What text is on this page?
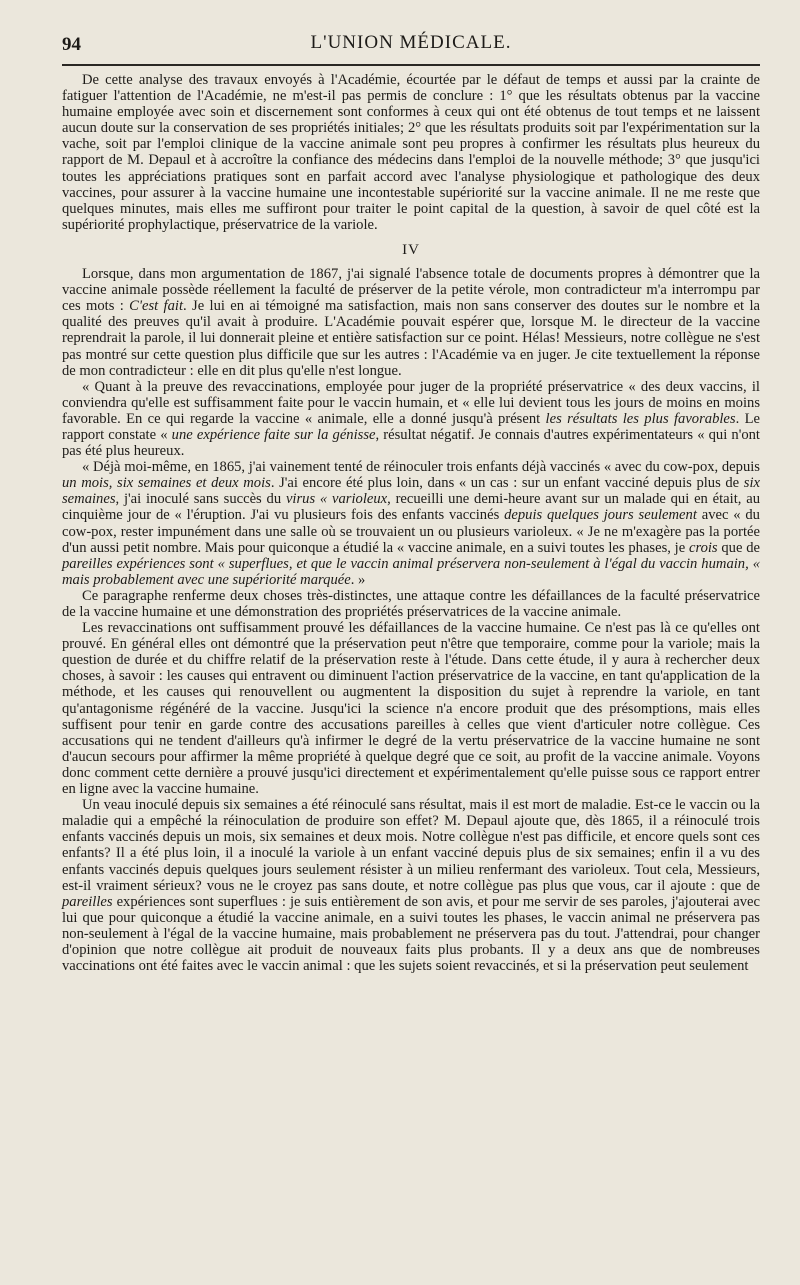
94	L'UNION MÉDICALE.

De cette analyse des travaux envoyés à l'Académie, écourtée par le défaut de temps et aussi par la crainte de fatiguer l'attention de l'Académie, ne m'est-il pas permis de conclure : 1° que les résultats obtenus par la vaccine humaine employée avec soin et discernement sont conformes à ceux qui ont été obtenus de tout temps et ne laissent aucun doute sur la conservation de ses propriétés initiales; 2° que les résultats produits soit par l'expérimentation sur la vache, soit par l'emploi clinique de la vaccine animale sont peu propres à confirmer les résultats plus heureux du rapport de M. Depaul et à accroître la confiance des médecins dans l'emploi de la nouvelle méthode; 3° que jusqu'ici toutes les appréciations pratiques sont en parfait accord avec l'analyse physiologique et pathologique des deux vaccines, pour assurer à la vaccine humaine une incontestable supériorité sur la vaccine animale. Il ne me reste que quelques minutes, mais elles me suffiront pour traiter le point capital de la question, à savoir de quel côté est la supériorité prophylactique, préservatrice de la variole.

IV

Lorsque, dans mon argumentation de 1867, j'ai signalé l'absence totale de documents propres à démontrer que la vaccine animale possède réellement la faculté de préserver de la petite vérole, mon contradicteur m'a interrompu par ces mots : C'est fait. Je lui en ai témoigné ma satisfaction, mais non sans conserver des doutes sur le nombre et la qualité des preuves qu'il avait à produire. L'Académie pouvait espérer que, lorsque M. le directeur de la vaccine reprendrait la parole, il lui donnerait pleine et entière satisfaction sur ce point. Hélas! Messieurs, notre collègue ne s'est pas montré sur cette question plus difficile que sur les autres : l'Académie va en juger. Je cite textuellement la réponse de mon contradicteur : elle en dit plus qu'elle n'est longue.

« Quant à la preuve des revaccinations, employée pour juger de la propriété préservatrice « des deux vaccins, il conviendra qu'elle est suffisamment faite pour le vaccin humain, et « elle lui devient tous les jours de moins en moins favorable. En ce qui regarde la vaccine « animale, elle a donné jusqu'à présent les résultats les plus favorables. Le rapport constate « une expérience faite sur la génisse, résultat négatif. Je connais d'autres expérimentateurs « qui n'ont pas été plus heureux.

« Déjà moi-même, en 1865, j'ai vainement tenté de réinoculer trois enfants déjà vaccinés « avec du cow-pox, depuis un mois, six semaines et deux mois. J'ai encore été plus loin, dans « un cas : sur un enfant vacciné depuis plus de six semaines, j'ai inoculé sans succès du virus « varioleux, recueilli une demi-heure avant sur un malade qui en était, au cinquième jour de « l'éruption. J'ai vu plusieurs fois des enfants vaccinés depuis quelques jours seulement avec « du cow-pox, rester impunément dans une salle où se trouvaient un ou plusieurs varioleux. « Je ne m'exagère pas la portée d'un aussi petit nombre. Mais pour quiconque a étudié la « vaccine animale, en a suivi toutes les phases, je crois que de pareilles expériences sont « superflues, et que le vaccin animal préservera non-seulement à l'égal du vaccin humain, « mais probablement avec une supériorité marquée. »

Ce paragraphe renferme deux choses très-distinctes, une attaque contre les défaillances de la faculté préservatrice de la vaccine humaine et une démonstration des propriétés préservatrices de la vaccine animale.

Les revaccinations ont suffisamment prouvé les défaillances de la vaccine humaine. Ce n'est pas là ce qu'elles ont prouvé. En général elles ont démontré que la préservation peut n'être que temporaire, comme pour la variole; mais la question de durée et du chiffre relatif de la préservation reste à l'étude. Dans cette étude, il y aura à rechercher deux choses, à savoir : les causes qui entravent ou diminuent l'action préservatrice de la vaccine, en tant qu'application de la méthode, et les causes qui renouvellent ou augmentent la disposition du sujet à reprendre la variole, en tant qu'antagonisme régénéré de la vaccine. Jusqu'ici la science n'a encore produit que des présomptions, mais elles suffisent pour tenir en garde contre des accusations pareilles à celles que vient d'articuler notre collègue. Ces accusations qui ne tendent d'ailleurs qu'à infirmer le degré de la vertu préservatrice de la vaccine humaine ne sont d'aucun secours pour affirmer la même propriété à quelque degré que ce soit, au profit de la vaccine animale. Voyons donc comment cette dernière a prouvé jusqu'ici directement et expérimentalement qu'elle puisse sous ce rapport entrer en ligne avec la vaccine humaine.

Un veau inoculé depuis six semaines a été réinoculé sans résultat, mais il est mort de maladie. Est-ce le vaccin ou la maladie qui a empêché la réinoculation de produire son effet? M. Depaul ajoute que, dès 1865, il a réinoculé trois enfants vaccinés depuis un mois, six semaines et deux mois. Notre collègue n'est pas difficile, et encore quels sont ces enfants? Il a été plus loin, il a inoculé la variole à un enfant vacciné depuis plus de six semaines; enfin il a vu des enfants vaccinés depuis quelques jours seulement résister à un milieu renfermant des varioleux. Tout cela, Messieurs, est-il vraiment sérieux? vous ne le croyez pas sans doute, et notre collègue pas plus que vous, car il ajoute : que de pareilles expériences sont superflues : je suis entièrement de son avis, et pour me servir de ses paroles, j'ajouterai avec lui que pour quiconque a étudié la vaccine animale, en a suivi toutes les phases, le vaccin animal ne préservera pas non-seulement à l'égal de la vaccine humaine, mais probablement ne préservera pas du tout. J'attendrai, pour changer d'opinion que notre collègue ait produit de nouveaux faits plus probants. Il y a deux ans que de nombreuses vaccinations ont été faites avec le vaccin animal : que les sujets soient revaccinés, et si la préservation peut seulement
